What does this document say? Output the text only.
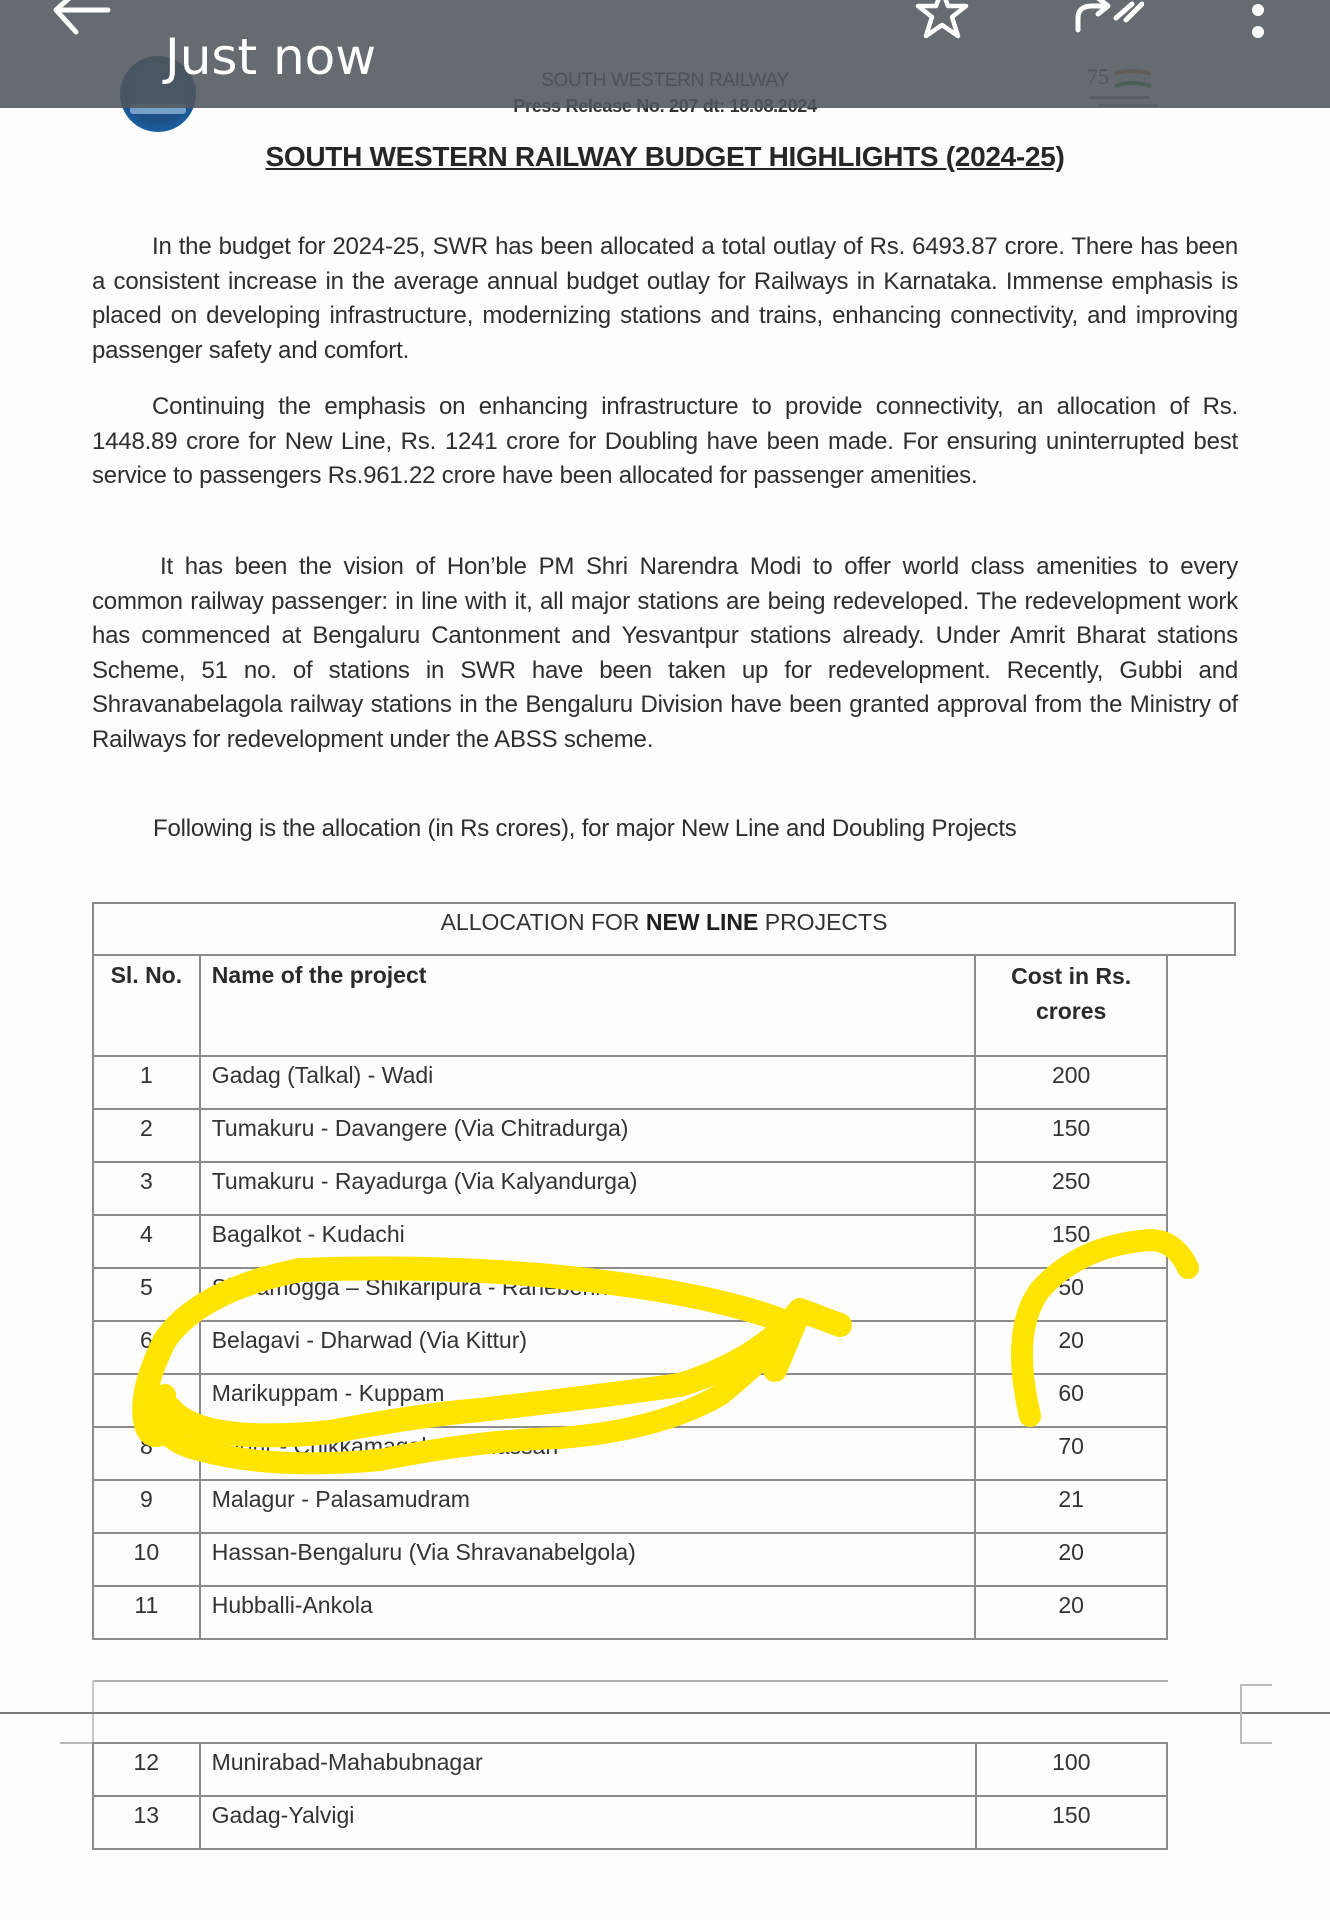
Just now
SOUTH WESTERN RAILWAY BUDGET HIGHLIGHTS (2024-25)
In the budget for 2024-25, SWR has been allocated a total outlay of Rs. 6493.87 crore. There has been a consistent increase in the average annual budget outlay for Railways in Karnataka. Immense emphasis is placed on developing infrastructure, modernizing stations and trains, enhancing connectivity, and improving passenger safety and comfort.
Continuing the emphasis on enhancing infrastructure to provide connectivity, an allocation of Rs. 1448.89 crore for New Line, Rs. 1241 crore for Doubling have been made. For ensuring uninterrupted best service to passengers Rs.961.22 crore have been allocated for passenger amenities.
It has been the vision of Hon’ble PM Shri Narendra Modi to offer world class amenities to every common railway passenger: in line with it, all major stations are being redeveloped. The redevelopment work has commenced at Bengaluru Cantonment and Yesvantpur stations already. Under Amrit Bharat stations Scheme, 51 no. of stations in SWR have been taken up for redevelopment. Recently, Gubbi and Shravanabelagola railway stations in the Bengaluru Division have been granted approval from the Ministry of Railways for redevelopment under the ABSS scheme.
Following is the allocation (in Rs crores), for major New Line and Doubling Projects
ALLOCATION FOR NEW LINE PROJECTS
Sl. No.	Name of the project	Cost in Rs.
crores
1	Gadag (Talkal) - Wadi	200
2	Tumakuru - Davangere (Via Chitradurga)	150
3	Tumakuru - Rayadurga (Via Kalyandurga)	250
4	Bagalkot - Kudachi	150
5	Shivamogga – Shikaripura - Ranebennur	50
6	Belagavi - Dharwad (Via Kittur)	20
7	Marikuppam - Kuppam	60
8	Kadur - Chikkamagaluru - Hassan	70
9	Malagur - Palasamudram	21
10	Hassan-Bengaluru (Via Shravanabelgola)	20
11	Hubballi-Ankola	20
12	Munirabad-Mahabubnagar	100
13	Gadag-Yalvigi	150
